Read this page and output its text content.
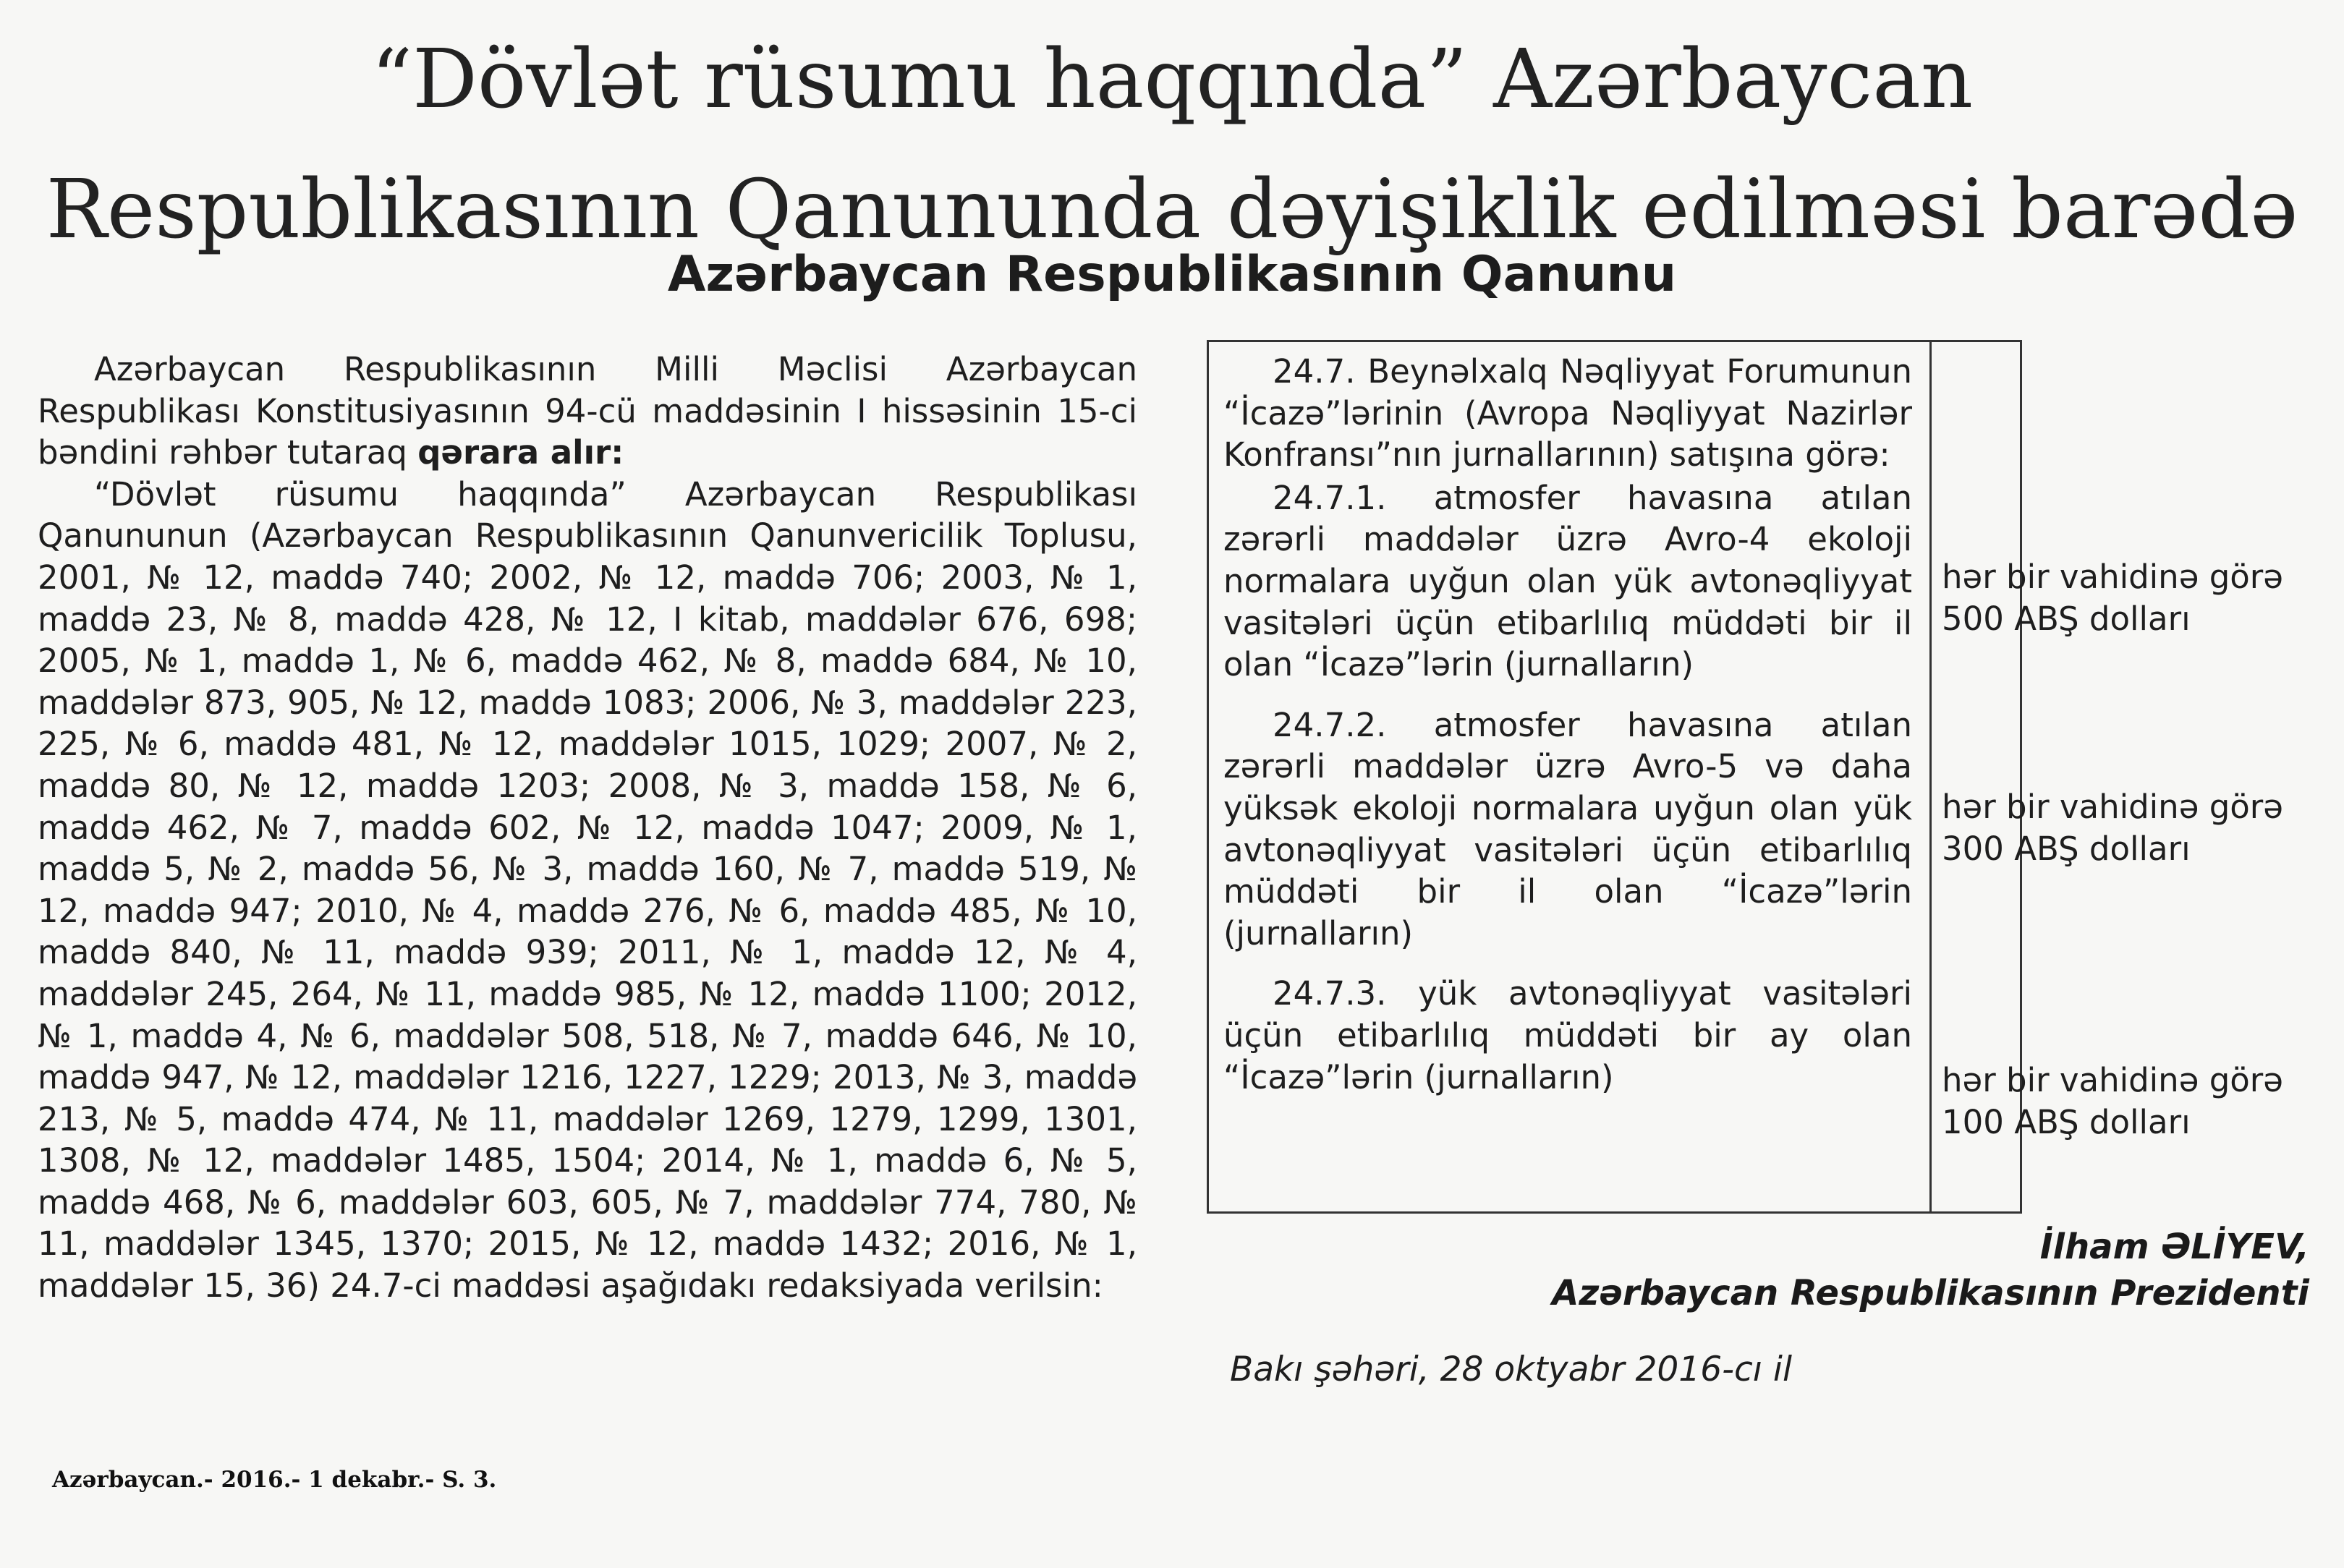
“Dövlət rüsumu haqqında” Azərbaycan Respublikasının Qanununda dəyişiklik edilməsi barədə
Azərbaycan Respublikasının Qanunu

Azərbaycan Respublikasının Milli Məclisi Azərbaycan Respublikası Konstitusiyasının 94-cü maddəsinin I hissəsinin 15-ci bəndini rəhbər tutaraq qərara alır:

“Dövlət rüsumu haqqında” Azərbaycan Respublikası Qanununun (Azərbaycan Respublikasının Qanunvericilik Toplusu, 2001, № 12, maddə 740; 2002, № 12, maddə 706; 2003, № 1, maddə 23, № 8, maddə 428, № 12, I kitab, maddələr 676, 698; 2005, № 1, maddə 1, № 6, maddə 462, № 8, maddə 684, № 10, maddələr 873, 905, № 12, maddə 1083; 2006, № 3, maddələr 223, 225, № 6, maddə 481, № 12, maddələr 1015, 1029; 2007, № 2, maddə 80, № 12, maddə 1203; 2008, № 3, maddə 158, № 6, maddə 462, № 7, maddə 602, № 12, maddə 1047; 2009, № 1, maddə 5, № 2, maddə 56, № 3, maddə 160, № 7, maddə 519, № 12, maddə 947; 2010, № 4, maddə 276, № 6, maddə 485, № 10, maddə 840, № 11, maddə 939; 2011, № 1, maddə 12, № 4, maddələr 245, 264, № 11, maddə 985, № 12, maddə 1100; 2012, № 1, maddə 4, № 6, maddələr 508, 518, № 7, maddə 646, № 10, maddə 947, № 12, maddələr 1216, 1227, 1229; 2013, № 3, maddə 213, № 5, maddə 474, № 11, maddələr 1269, 1279, 1299, 1301, 1308, № 12, maddələr 1485, 1504; 2014, № 1, maddə 6, № 5, maddə 468, № 6, maddələr 603, 605, № 7, maddələr 774, 780, № 11, maddələr 1345, 1370; 2015, № 12, maddə 1432; 2016, № 1, maddələr 15, 36) 24.7-ci maddəsi aşağıdakı redaksiyada verilsin:

24.7. Beynəlxalq Nəqliyyat Forumunun “İcazə”lərinin (Avropa Nəqliyyat Nazirlər Konfransı”nın jurnallarının) satışına görə:
24.7.1. atmosfer havasına atılan zərərli maddələr üzrə Avro-4 ekoloji normalara uyğun olan yük avtonəqliyyat vasitələri üçün etibarlılıq müddəti bir il olan “İcazə”lərin (jurnalların)
24.7.2. atmosfer havasına atılan zərərli maddələr üzrə Avro-5 və daha yüksək ekoloji normalara uyğun olan yük avtonəqliyyat vasitələri üçün etibarlılıq müddəti bir il olan “İcazə”lərin (jurnalların)
24.7.3. yük avtonəqliyyat vasitələri üçün etibarlılıq müddəti bir ay olan “İcazə”lərin (jurnalların)
hər bir vahidinə görə 500 ABŞ dolları
hər bir vahidinə görə 300 ABŞ dolları
hər bir vahidinə görə 100 ABŞ dolları
İlham ƏLİYEV,
Azərbaycan Respublikasının Prezidenti
Bakı şəhəri, 28 oktyabr 2016-cı il
Azərbaycan.- 2016.- 1 dekabr.- S. 3.
